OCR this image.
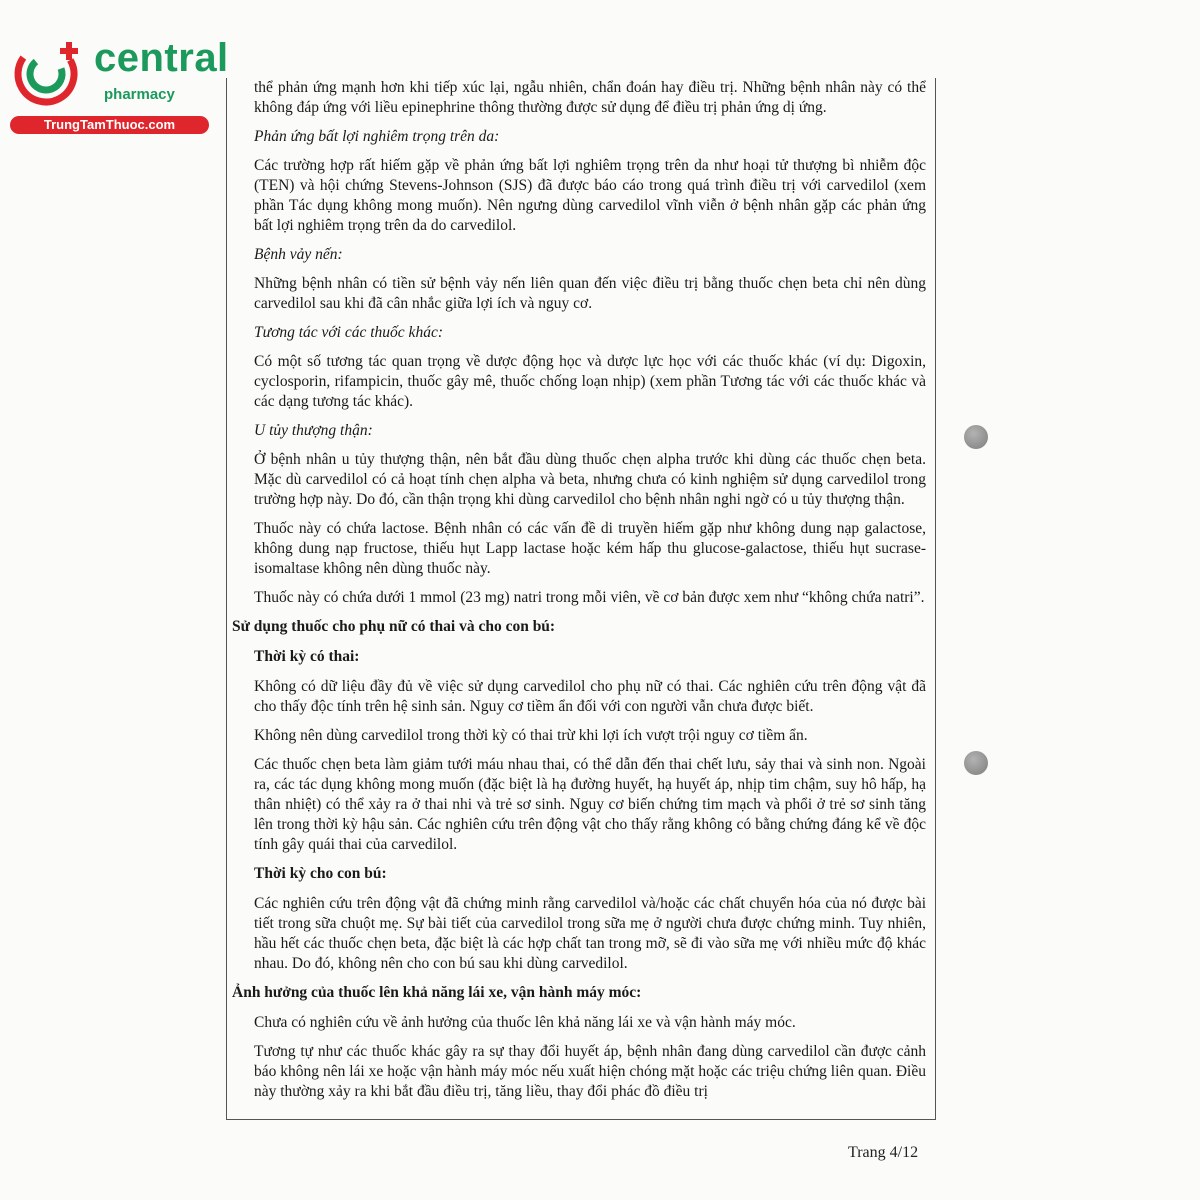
central
pharmacy
TrungTamThuoc.com

thể phản ứng mạnh hơn khi tiếp xúc lại, ngẫu nhiên, chẩn đoán hay điều trị. Những bệnh nhân này có thể không đáp ứng với liều epinephrine thông thường được sử dụng để điều trị phản ứng dị ứng.

Phản ứng bất lợi nghiêm trọng trên da:

Các trường hợp rất hiếm gặp về phản ứng bất lợi nghiêm trọng trên da như hoại tử thượng bì nhiễm độc (TEN) và hội chứng Stevens-Johnson (SJS) đã được báo cáo trong quá trình điều trị với carvedilol (xem phần Tác dụng không mong muốn). Nên ngưng dùng carvedilol vĩnh viễn ở bệnh nhân gặp các phản ứng bất lợi nghiêm trọng trên da do carvedilol.

Bệnh vảy nến:

Những bệnh nhân có tiền sử bệnh vảy nến liên quan đến việc điều trị bằng thuốc chẹn beta chỉ nên dùng carvedilol sau khi đã cân nhắc giữa lợi ích và nguy cơ.

Tương tác với các thuốc khác:

Có một số tương tác quan trọng về dược động học và dược lực học với các thuốc khác (ví dụ: Digoxin, cyclosporin, rifampicin, thuốc gây mê, thuốc chống loạn nhịp) (xem phần Tương tác với các thuốc khác và các dạng tương tác khác).

U tủy thượng thận:

Ở bệnh nhân u tủy thượng thận, nên bắt đầu dùng thuốc chẹn alpha trước khi dùng các thuốc chẹn beta. Mặc dù carvedilol có cả hoạt tính chẹn alpha và beta, nhưng chưa có kinh nghiệm sử dụng carvedilol trong trường hợp này. Do đó, cần thận trọng khi dùng carvedilol cho bệnh nhân nghi ngờ có u tủy thượng thận.

Thuốc này có chứa lactose. Bệnh nhân có các vấn đề di truyền hiếm gặp như không dung nạp galactose, không dung nạp fructose, thiếu hụt Lapp lactase hoặc kém hấp thu glucose-galactose, thiếu hụt sucrase-isomaltase không nên dùng thuốc này.

Thuốc này có chứa dưới 1 mmol (23 mg) natri trong mỗi viên, về cơ bản được xem như “không chứa natri”.

Sử dụng thuốc cho phụ nữ có thai và cho con bú:

Thời kỳ có thai:

Không có dữ liệu đầy đủ về việc sử dụng carvedilol cho phụ nữ có thai. Các nghiên cứu trên động vật đã cho thấy độc tính trên hệ sinh sản. Nguy cơ tiềm ẩn đối với con người vẫn chưa được biết.

Không nên dùng carvedilol trong thời kỳ có thai trừ khi lợi ích vượt trội nguy cơ tiềm ẩn.

Các thuốc chẹn beta làm giảm tưới máu nhau thai, có thể dẫn đến thai chết lưu, sảy thai và sinh non. Ngoài ra, các tác dụng không mong muốn (đặc biệt là hạ đường huyết, hạ huyết áp, nhịp tim chậm, suy hô hấp, hạ thân nhiệt) có thể xảy ra ở thai nhi và trẻ sơ sinh. Nguy cơ biến chứng tim mạch và phổi ở trẻ sơ sinh tăng lên trong thời kỳ hậu sản. Các nghiên cứu trên động vật cho thấy rằng không có bằng chứng đáng kể về độc tính gây quái thai của carvedilol.

Thời kỳ cho con bú:

Các nghiên cứu trên động vật đã chứng minh rằng carvedilol và/hoặc các chất chuyển hóa của nó được bài tiết trong sữa chuột mẹ. Sự bài tiết của carvedilol trong sữa mẹ ở người chưa được chứng minh. Tuy nhiên, hầu hết các thuốc chẹn beta, đặc biệt là các hợp chất tan trong mỡ, sẽ đi vào sữa mẹ với nhiều mức độ khác nhau. Do đó, không nên cho con bú sau khi dùng carvedilol.

Ảnh hưởng của thuốc lên khả năng lái xe, vận hành máy móc:

Chưa có nghiên cứu về ảnh hưởng của thuốc lên khả năng lái xe và vận hành máy móc.

Tương tự như các thuốc khác gây ra sự thay đổi huyết áp, bệnh nhân đang dùng carvedilol cần được cảnh báo không nên lái xe hoặc vận hành máy móc nếu xuất hiện chóng mặt hoặc các triệu chứng liên quan. Điều này thường xảy ra khi bắt đầu điều trị, tăng liều, thay đổi phác đồ điều trị

Trang 4/12
